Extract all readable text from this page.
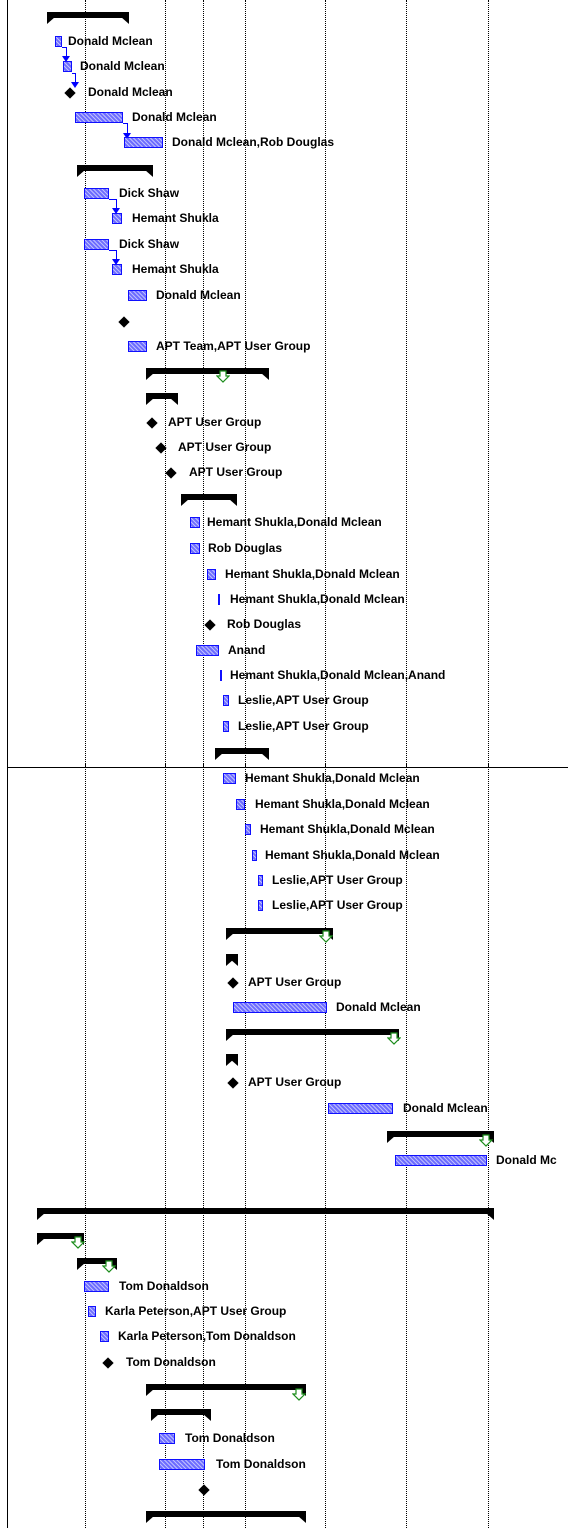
Donald Mclean
Donald Mclean
Donald Mclean
Donald Mclean
Donald Mclean,Rob Douglas
Dick Shaw
Hemant Shukla
Dick Shaw
Hemant Shukla
Donald Mclean
APT Team,APT User Group
APT User Group
APT User Group
APT User Group
Hemant Shukla,Donald Mclean
Rob Douglas
Hemant Shukla,Donald Mclean
Hemant Shukla,Donald Mclean
Rob Douglas
Anand
Hemant Shukla,Donald Mclean,Anand
Leslie,APT User Group
Leslie,APT User Group
Hemant Shukla,Donald Mclean
Hemant Shukla,Donald Mclean
Hemant Shukla,Donald Mclean
Hemant Shukla,Donald Mclean
Leslie,APT User Group
Leslie,APT User Group
APT User Group
Donald Mclean
APT User Group
Donald Mclean
Donald Mc
Tom Donaldson
Karla Peterson,APT User Group
Karla Peterson,Tom Donaldson
Tom Donaldson
Tom Donaldson
Tom Donaldson
